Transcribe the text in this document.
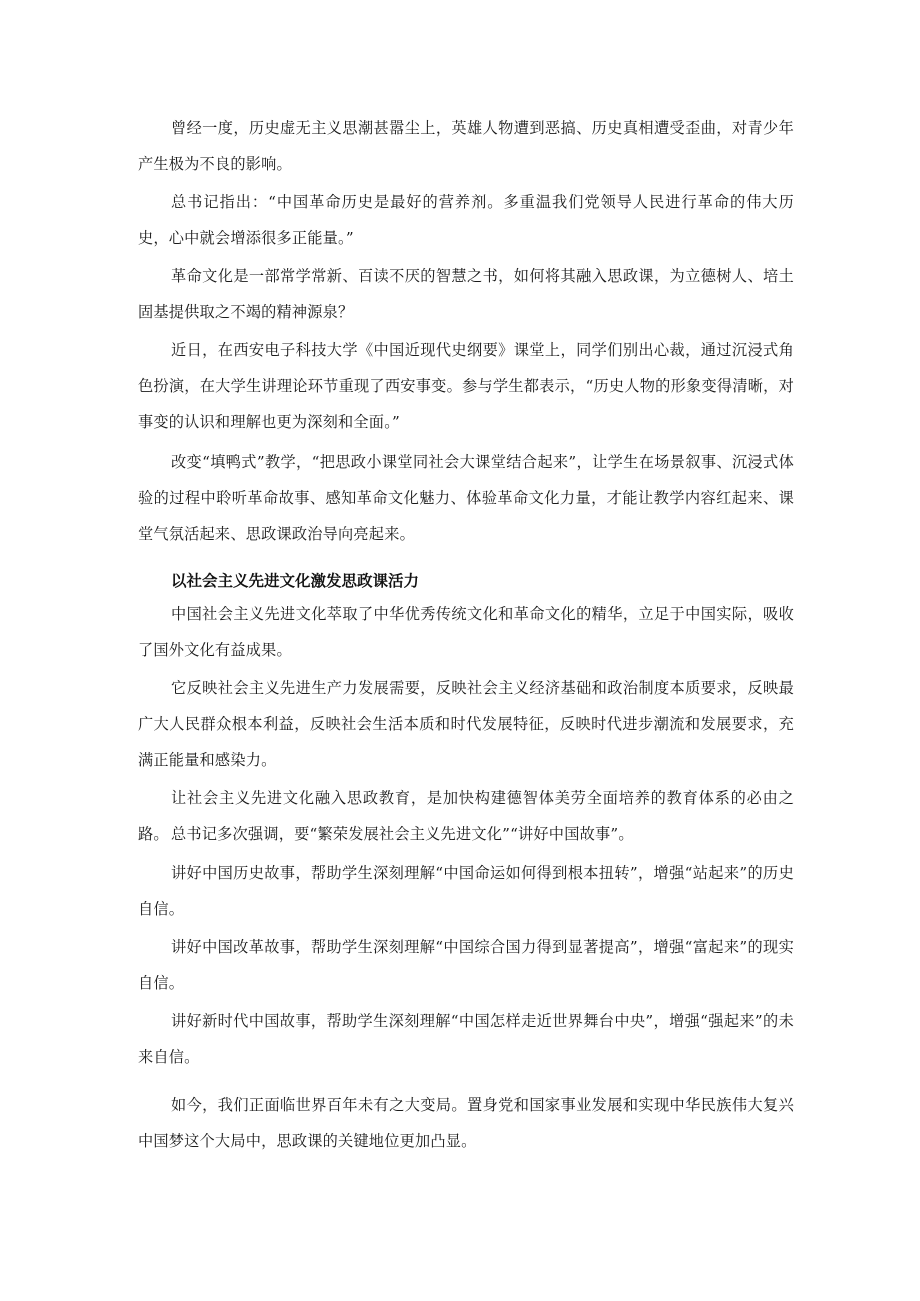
曾经一度，历史虚无主义思潮甚嚣尘上，英雄人物遭到恶搞、历史真相遭受歪曲，对青少年产生极为不良的影响。

总书记指出：“中国革命历史是最好的营养剂。多重温我们党领导人民进行革命的伟大历史，心中就会增添很多正能量。”

革命文化是一部常学常新、百读不厌的智慧之书，如何将其融入思政课，为立德树人、培土固基提供取之不竭的精神源泉？

近日，在西安电子科技大学《中国近现代史纲要》课堂上，同学们别出心裁，通过沉浸式角色扮演，在大学生讲理论环节重现了西安事变。参与学生都表示，“历史人物的形象变得清晰，对事变的认识和理解也更为深刻和全面。”

改变“填鸭式”教学，“把思政小课堂同社会大课堂结合起来”，让学生在场景叙事、沉浸式体验的过程中聆听革命故事、感知革命文化魅力、体验革命文化力量，才能让教学内容红起来、课堂气氛活起来、思政课政治导向亮起来。

以社会主义先进文化激发思政课活力

中国社会主义先进文化萃取了中华优秀传统文化和革命文化的精华，立足于中国实际，吸收了国外文化有益成果。

它反映社会主义先进生产力发展需要，反映社会主义经济基础和政治制度本质要求，反映最广大人民群众根本利益，反映社会生活本质和时代发展特征，反映时代进步潮流和发展要求，充满正能量和感染力。

让社会主义先进文化融入思政教育，是加快构建德智体美劳全面培养的教育体系的必由之路。 总书记多次强调，要“繁荣发展社会主义先进文化”“讲好中国故事”。

讲好中国历史故事，帮助学生深刻理解“中国命运如何得到根本扭转”，增强“站起来”的历史自信。

讲好中国改革故事，帮助学生深刻理解“中国综合国力得到显著提高”，增强“富起来”的现实自信。

讲好新时代中国故事，帮助学生深刻理解“中国怎样走近世界舞台中央”，增强“强起来”的未来自信。

如今，我们正面临世界百年未有之大变局。置身党和国家事业发展和实现中华民族伟大复兴中国梦这个大局中，思政课的关键地位更加凸显。
